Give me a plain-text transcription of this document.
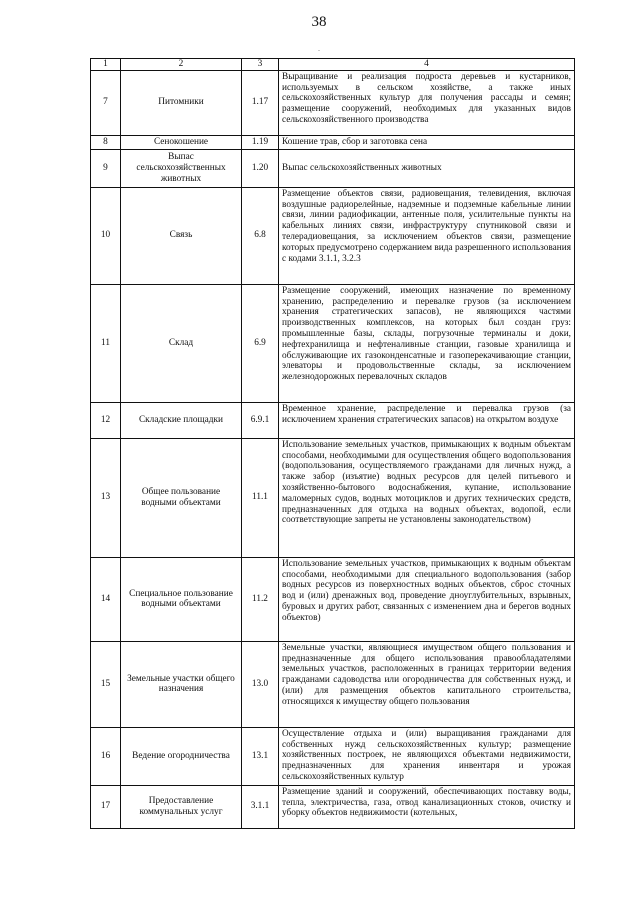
38
-
1	2	3	4
7	Питомники	1.17	Выращивание и реализация подроста деревьев и кустарников, используемых в сельском хозяйстве, а также иных сельскохозяйственных культур для получения рассады и семян; размещение сооружений, необходимых для указанных видов сельскохозяйственного производства
8	Сенокошение	1.19	Кошение трав, сбор и заготовка сена
9	Выпас сельскохозяйственных животных	1.20	Выпас сельскохозяйственных животных
10	Связь	6.8	Размещение объектов связи, радиовещания, телевидения, включая воздушные радиорелейные, надземные и подземные кабельные линии связи, линии радиофикации, антенные поля, усилительные пункты на кабельных линиях связи, инфраструктуру спутниковой связи и телерадиовещания, за исключением объектов связи, размещение которых предусмотрено содержанием вида разрешенного использования с кодами 3.1.1, 3.2.3
11	Склад	6.9	Размещение сооружений, имеющих назначение по временному хранению, распределению и перевалке грузов (за исключением хранения стратегических запасов), не являющихся частями производственных комплексов, на которых был создан груз: промышленные базы, склады, погрузочные терминалы и доки, нефтехранилища и нефтеналивные станции, газовые хранилища и обслуживающие их газоконденсатные и газоперекачивающие станции, элеваторы и продовольственные склады, за исключением железнодорожных перевалочных складов
12	Складские площадки	6.9.1	Временное хранение, распределение и перевалка грузов (за исключением хранения стратегических запасов) на открытом воздухе
13	Общее пользование водными объектами	11.1	Использование земельных участков, примыкающих к водным объектам способами, необходимыми для осуществления общего водопользования (водопользования, осуществляемого гражданами для личных нужд, а также забор (изъятие) водных ресурсов для целей питьевого и хозяйственно-бытового водоснабжения, купание, использование маломерных судов, водных мотоциклов и других технических средств, предназначенных для отдыха на водных объектах, водопой, если соответствующие запреты не установлены законодательством)
14	Специальное пользование водными объектами	11.2	Использование земельных участков, примыкающих к водным объектам способами, необходимыми для специального водопользования (забор водных ресурсов из поверхностных водных объектов, сброс сточных вод и (или) дренажных вод, проведение дноуглубительных, взрывных, буровых и других работ, связанных с изменением дна и берегов водных объектов)
15	Земельные участки общего назначения	13.0	Земельные участки, являющиеся имуществом общего пользования и предназначенные для общего использования правообладателями земельных участков, расположенных в границах территории ведения гражданами садоводства или огородничества для собственных нужд, и (или) для размещения объектов капитального строительства, относящихся к имуществу общего пользования
16	Ведение огородничества	13.1	Осуществление отдыха и (или) выращивания гражданами для собственных нужд сельскохозяйственных культур; размещение хозяйственных построек, не являющихся объектами недвижимости, предназначенных для хранения инвентаря и урожая сельскохозяйственных культур
17	Предоставление коммунальных услуг	3.1.1	Размещение зданий и сооружений, обеспечивающих поставку воды, тепла, электричества, газа, отвод канализационных стоков, очистку и уборку объектов недвижимости (котельных,
